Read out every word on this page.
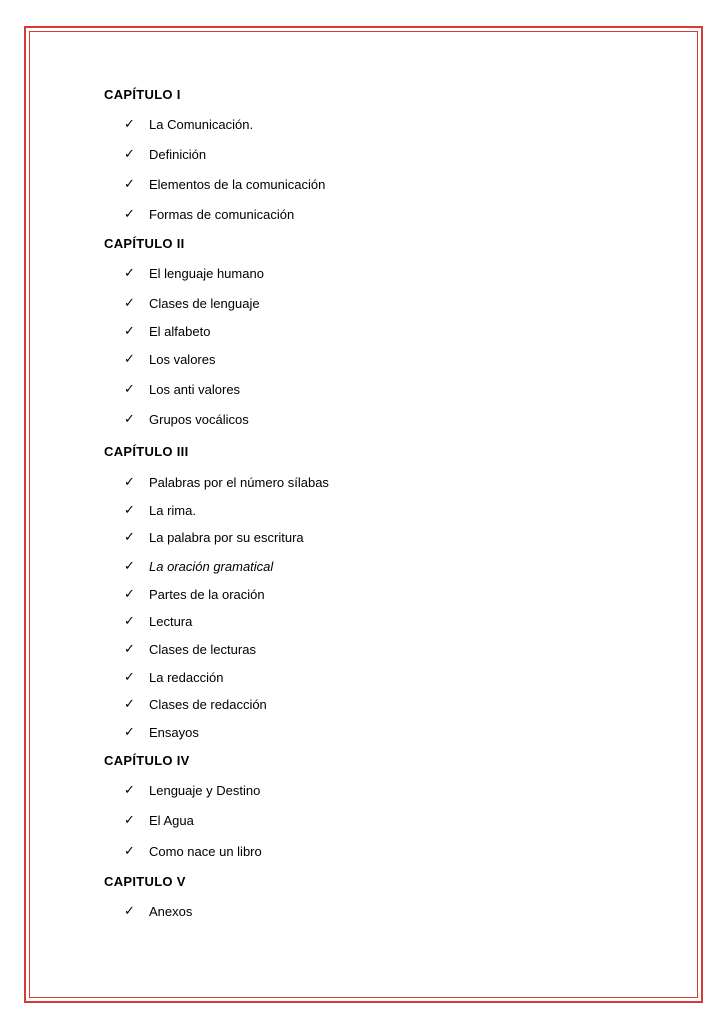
CAPÍTULO I
✓ La Comunicación.
✓ Definición
✓ Elementos de la comunicación
✓ Formas de comunicación
CAPÍTULO II
✓ El lenguaje humano
✓ Clases de lenguaje
✓ El alfabeto
✓ Los valores
✓ Los anti valores
✓ Grupos vocálicos
CAPÍTULO III
✓ Palabras por el número sílabas
✓ La rima.
✓ La palabra por su escritura
✓ La oración gramatical
✓ Partes de la oración
✓ Lectura
✓ Clases de lecturas
✓ La redacción
✓ Clases de redacción
✓ Ensayos
CAPÍTULO IV
✓ Lenguaje y Destino
✓ El Agua
✓ Como nace un libro
CAPITULO V
✓ Anexos
